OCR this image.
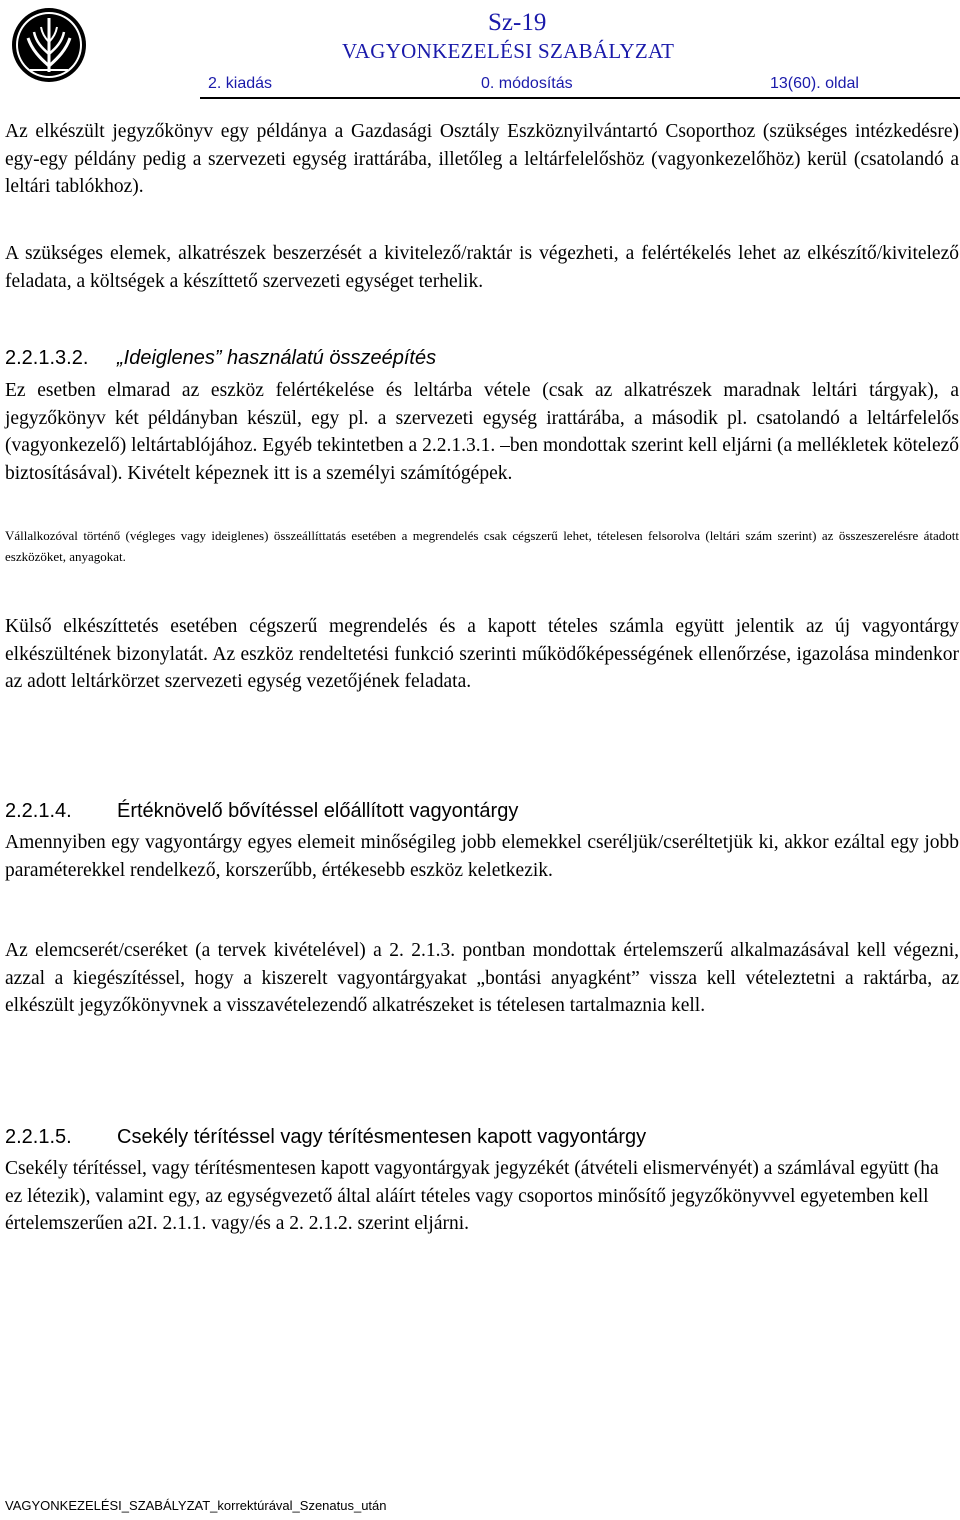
Sz-19
VAGYONKEZELÉSI SZABÁLYZAT
2. kiadás	0. módosítás	13(60). oldal

Az elkészült jegyzőkönyv egy példánya a Gazdasági Osztály Eszköznyilvántartó Csoporthoz (szükséges intézkedésre) egy-egy példány pedig a szervezeti egység irattárába, illetőleg a leltárfelelőshöz (vagyonkezelőhöz) kerül (csatolandó a leltári tablókhoz).

A szükséges elemek, alkatrészek beszerzését a kivitelező/raktár is végezheti, a felértékelés lehet az elkészítő/kivitelező feladata, a költségek a készíttető szervezeti egységet terhelik.

2.2.1.3.2. „Ideiglenes” használatú összeépítés

Ez esetben elmarad az eszköz felértékelése és leltárba vétele (csak az alkatrészek maradnak leltári tárgyak), a jegyzőkönyv két példányban készül, egy pl. a szervezeti egység irattárába, a második pl. csatolandó a leltárfelelős (vagyonkezelő) leltártablójához. Egyéb tekintetben a 2.2.1.3.1. –ben mondottak szerint kell eljárni (a mellékletek kötelező biztosításával). Kivételt képeznek itt is a személyi számítógépek.

Vállalkozóval történő (végleges vagy ideiglenes) összeállíttatás esetében a megrendelés csak cégszerű lehet, tételesen felsorolva (leltári szám szerint) az összeszerelésre átadott eszközöket, anyagokat.

Külső elkészíttetés esetében cégszerű megrendelés és a kapott tételes számla együtt jelentik az új vagyontárgy elkészültének bizonylatát. Az eszköz rendeltetési funkció szerinti működőképességének ellenőrzése, igazolása mindenkor az adott leltárkörzet szervezeti egység vezetőjének feladata.

2.2.1.4. Értéknövelő bővítéssel előállított vagyontárgy

Amennyiben egy vagyontárgy egyes elemeit minőségileg jobb elemekkel cseréljük/cseréltetjük ki, akkor ezáltal egy jobb paraméterekkel rendelkező, korszerűbb, értékesebb eszköz keletkezik.

Az elemcserét/cseréket (a tervek kivételével) a 2. 2.1.3. pontban mondottak értelemszerű alkalmazásával kell végezni, azzal a kiegészítéssel, hogy a kiszerelt vagyontárgyakat „bontási anyagként” vissza kell vételeztetni a raktárba, az elkészült jegyzőkönyvnek a visszavételezendő alkatrészeket is tételesen tartalmaznia kell.

2.2.1.5. Csekély térítéssel vagy térítésmentesen kapott vagyontárgy

Csekély térítéssel, vagy térítésmentesen kapott vagyontárgyak jegyzékét (átvételi elismervényét) a számlával együtt (ha ez létezik), valamint egy, az egységvezető által aláírt tételes vagy csoportos minősítő jegyzőkönyvvel egyetemben kell értelemszerűen a2I. 2.1.1. vagy/és a 2. 2.1.2. szerint eljárni.

VAGYONKEZELÉSI_SZABÁLYZAT_korrektúrával_Szenatus_után
